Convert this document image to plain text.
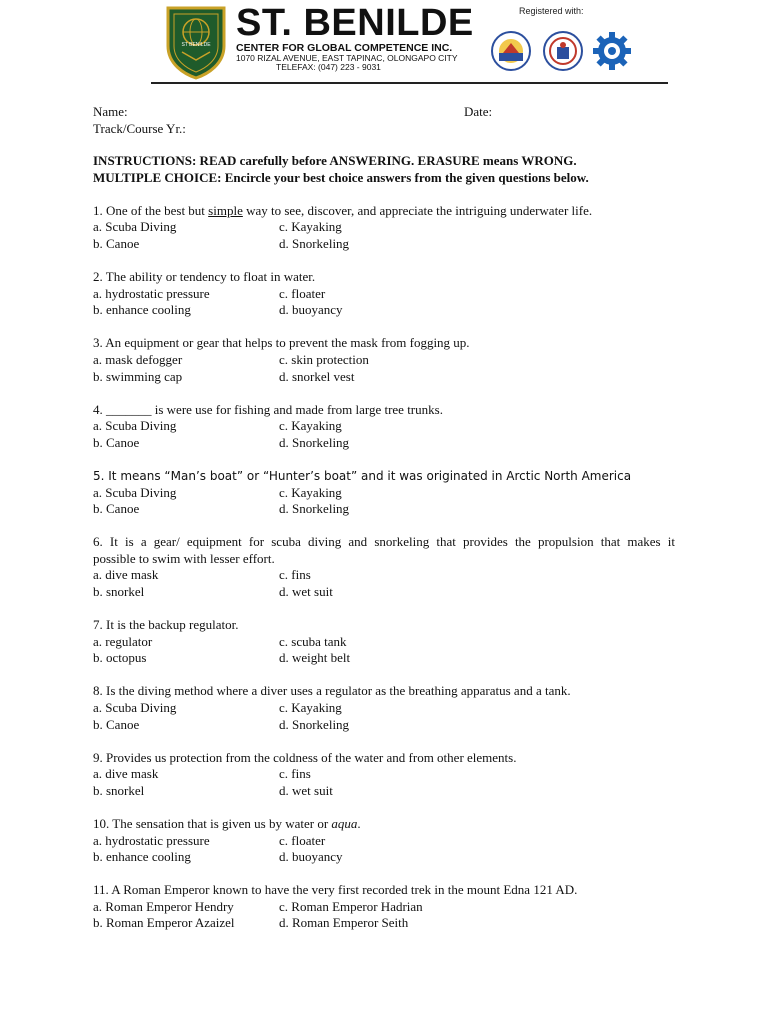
ST BENILDE
ST. BENILDE
CENTER FOR GLOBAL COMPETENCE INC.
1070 RIZAL AVENUE, EAST TAPINAC, OLONGAPO CITY
TELEFAX: (047) 223 - 9031
Registered with:
Name:	Date:
Track/Course Yr.:
INSTRUCTIONS: READ carefully before ANSWERING. ERASURE means WRONG.
MULTIPLE CHOICE: Encircle your best choice answers from the given questions below.
1. One of the best but simple way to see, discover, and appreciate the intriguing underwater life.
a. Scuba Diving	c. Kayaking
b. Canoe	d. Snorkeling
2. The ability or tendency to float in water.
a. hydrostatic pressure	c. floater
b. enhance cooling	d. buoyancy
3. An equipment or gear that helps to prevent the mask from fogging up.
a. mask defogger	c. skin protection
b. swimming cap	d. snorkel vest
4. _______ is were use for fishing and made from large tree trunks.
a. Scuba Diving	c. Kayaking
b. Canoe	d. Snorkeling
5. It means “Man’s boat” or “Hunter’s boat” and it was originated in Arctic North America
a. Scuba Diving	c. Kayaking
b. Canoe	d. Snorkeling
6. It is a gear/ equipment for scuba diving and snorkeling that provides the propulsion that makes it
possible to swim with lesser effort.
a. dive mask	c. fins
b. snorkel	d. wet suit
7. It is the backup regulator.
a. regulator	c. scuba tank
b. octopus	d. weight belt
8. Is the diving method where a diver uses a regulator as the breathing apparatus and a tank.
a. Scuba Diving	c. Kayaking
b. Canoe	d. Snorkeling
9. Provides us protection from the coldness of the water and from other elements.
a. dive mask	c. fins
b. snorkel	d. wet suit
10. The sensation that is given us by water or aqua.
a. hydrostatic pressure	c. floater
b. enhance cooling	d. buoyancy
11. A Roman Emperor known to have the very first recorded trek in the mount Edna 121 AD.
a. Roman Emperor Hendry	c. Roman Emperor Hadrian
b. Roman Emperor Azaizel	d. Roman Emperor Seith
